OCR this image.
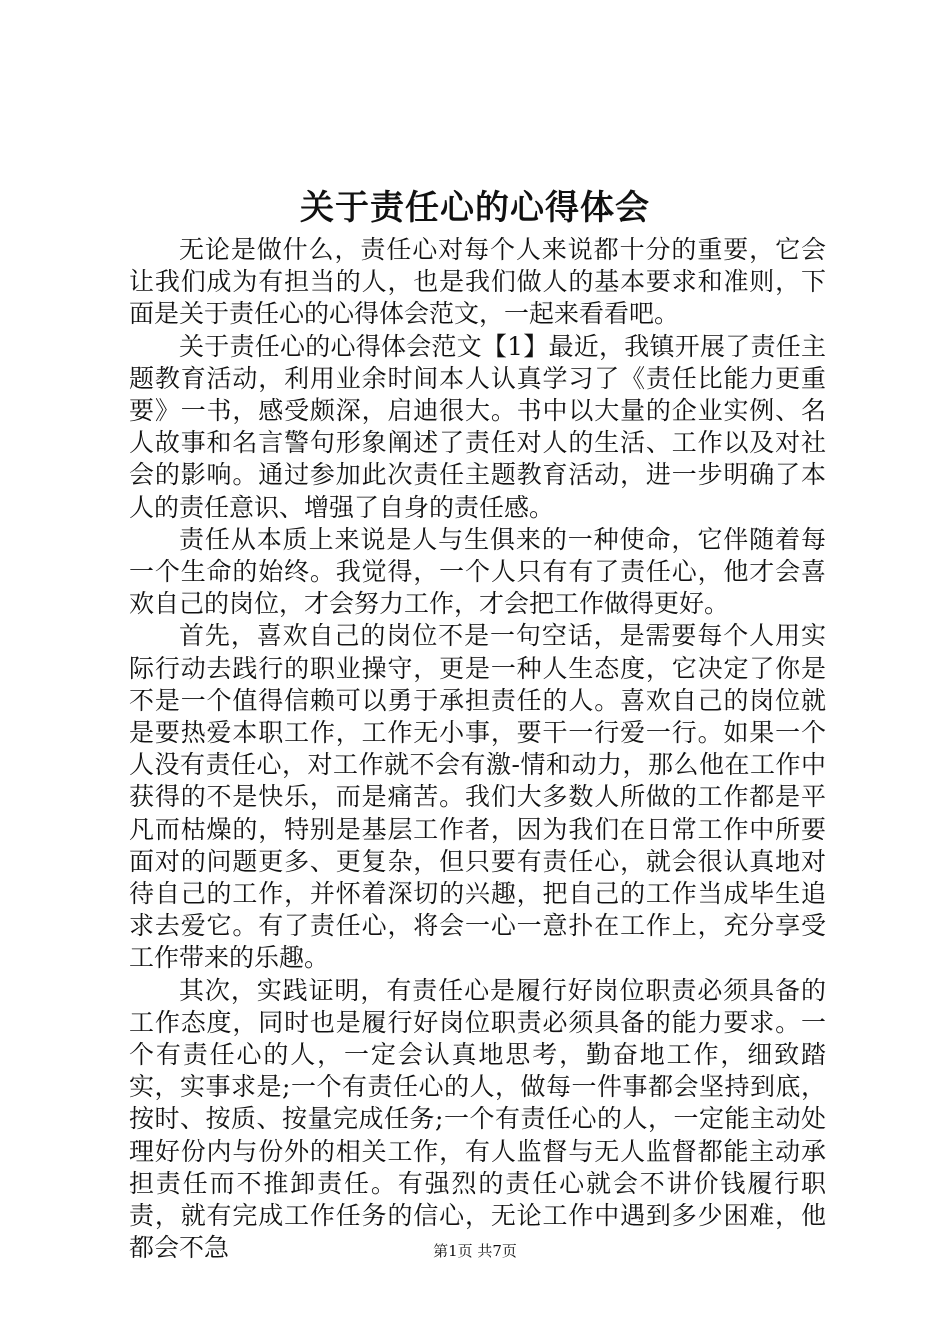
关于责任心的心得体会

无论是做什么，责任心对每个人来说都十分的重要，它会让我们成为有担当的人，也是我们做人的基本要求和准则，下面是关于责任心的心得体会范文，一起来看看吧。

关于责任心的心得体会范文【1】最近，我镇开展了责任主题教育活动，利用业余时间本人认真学习了《责任比能力更重要》一书，感受颇深，启迪很大。书中以大量的企业实例、名人故事和名言警句形象阐述了责任对人的生活、工作以及对社会的影响。通过参加此次责任主题教育活动，进一步明确了本人的责任意识、增强了自身的责任感。

责任从本质上来说是人与生俱来的一种使命，它伴随着每一个生命的始终。我觉得，一个人只有有了责任心，他才会喜欢自己的岗位，才会努力工作，才会把工作做得更好。

首先，喜欢自己的岗位不是一句空话，是需要每个人用实际行动去践行的职业操守，更是一种人生态度，它决定了你是不是一个值得信赖可以勇于承担责任的人。喜欢自己的岗位就是要热爱本职工作，工作无小事，要干一行爱一行。如果一个人没有责任心，对工作就不会有激-情和动力，那么他在工作中获得的不是快乐，而是痛苦。我们大多数人所做的工作都是平凡而枯燥的，特别是基层工作者，因为我们在日常工作中所要面对的问题更多、更复杂，但只要有责任心，就会很认真地对待自己的工作，并怀着深切的兴趣，把自己的工作当成毕生追求去爱它。有了责任心，将会一心一意扑在工作上，充分享受工作带来的乐趣。

其次，实践证明，有责任心是履行好岗位职责必须具备的工作态度，同时也是履行好岗位职责必须具备的能力要求。一个有责任心的人，一定会认真地思考，勤奋地工作，细致踏实，实事求是;一个有责任心的人，做每一件事都会坚持到底，按时、按质、按量完成任务;一个有责任心的人，一定能主动处理好份内与份外的相关工作，有人监督与无人监督都能主动承担责任而不推卸责任。有强烈的责任心就会不讲价钱履行职责，就有完成工作任务的信心，无论工作中遇到多少困难，他都会不急	第1页 共7页
